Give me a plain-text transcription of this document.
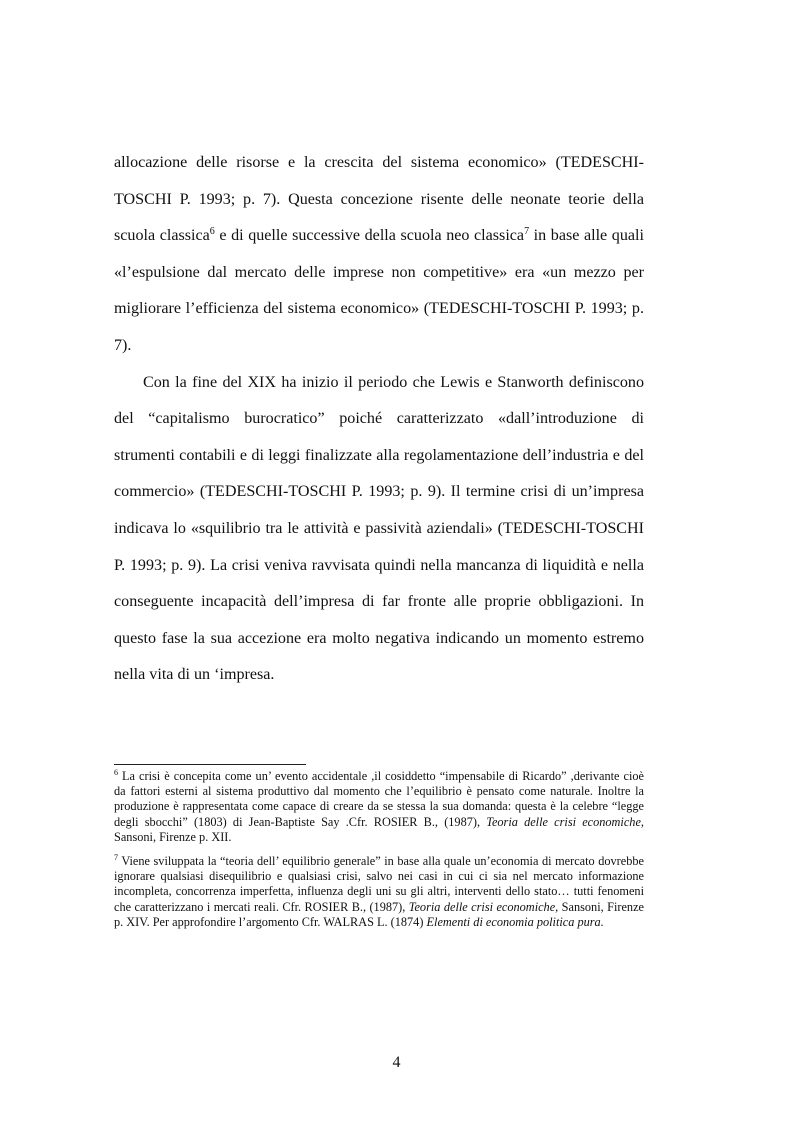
allocazione delle risorse e la crescita del sistema economico» (TEDESCHI-TOSCHI P. 1993; p. 7). Questa concezione risente delle neonate teorie della scuola classica$^6$ e di quelle successive della scuola neo classica$^7$ in base alle quali «l’espulsione dal mercato delle imprese non competitive» era «un mezzo per migliorare l’efficienza del sistema economico» (TEDESCHI-TOSCHI P. 1993; p. 7).

Con la fine del XIX ha inizio il periodo che Lewis e Stanworth definiscono del “capitalismo burocratico” poiché caratterizzato «dall’introduzione di strumenti contabili e di leggi finalizzate alla regolamentazione dell’industria e del commercio» (TEDESCHI-TOSCHI P. 1993; p. 9). Il termine crisi di un’impresa indicava lo «squilibrio tra le attività e passività aziendali» (TEDESCHI-TOSCHI P. 1993; p. 9). La crisi veniva ravvisata quindi nella mancanza di liquidità e nella conseguente incapacità dell’impresa di far fronte alle proprie obbligazioni. In questo fase la sua accezione era molto negativa indicando un momento estremo nella vita di un ‘impresa.

$^6$ La crisi è concepita come un’ evento accidentale ,il cosiddetto “impensabile di Ricardo” ,derivante cioè da fattori esterni al sistema produttivo dal momento che l’equilibrio è pensato come naturale. Inoltre la produzione è rappresentata come capace di creare da se stessa la sua domanda: questa è la celebre “legge degli sbocchi” (1803) di Jean-Baptiste Say .Cfr. ROSIER B., (1987), Teoria delle crisi economiche, Sansoni, Firenze p. XII.

$^7$ Viene sviluppata la “teoria dell’ equilibrio generale” in base alla quale un’economia di mercato dovrebbe ignorare qualsiasi disequilibrio e qualsiasi crisi, salvo nei casi in cui ci sia nel mercato informazione incompleta, concorrenza imperfetta, influenza degli uni su gli altri, interventi dello stato… tutti fenomeni che caratterizzano i mercati reali. Cfr. ROSIER B., (1987), Teoria delle crisi economiche, Sansoni, Firenze p. XIV. Per approfondire l’argomento Cfr. WALRAS L. (1874) Elementi di economia politica pura.

4
